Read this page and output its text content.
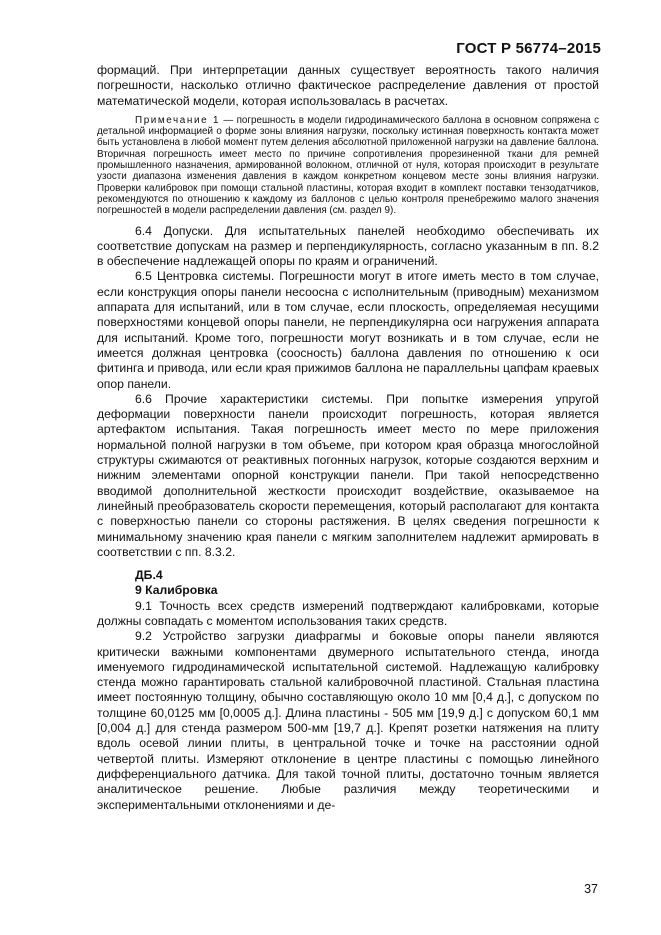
ГОСТ Р 56774–2015

формаций. При интерпретации данных существует вероятность такого наличия погрешности, насколько отлично фактическое распределение давления от простой математической модели, которая использовалась в расчетах.

Примечание 1 — погрешность в модели гидродинамического баллона в основном сопряжена с детальной информацией о форме зоны влияния нагрузки, поскольку истинная поверхность контакта может быть установлена в любой момент путем деления абсолютной приложенной нагрузки на давление баллона. Вторичная погрешность имеет место по причине сопротивления прорезиненной ткани для ремней промышленного назначения, армированной волокном, отличной от нуля, которая происходит в результате узости диапазона изменения давления в каждом конкретном концевом месте зоны влияния нагрузки. Проверки калибровок при помощи стальной пластины, которая входит в комплект поставки тензодатчиков, рекомендуются по отношению к каждому из баллонов с целью контроля пренебрежимо малого значения погрешностей в модели распределении давления (см. раздел 9).

6.4 Допуски. Для испытательных панелей необходимо обеспечивать их соответствие допускам на размер и перпендикулярность, согласно указанным в пп. 8.2 в обеспечение надлежащей опоры по краям и ограничений.

6.5 Центровка системы. Погрешности могут в итоге иметь место в том случае, если конструкция опоры панели несоосна с исполнительным (приводным) механизмом аппарата для испытаний, или в том случае, если плоскость, определяемая несущими поверхностями концевой опоры панели, не перпендикулярна оси нагружения аппарата для испытаний. Кроме того, погрешности могут возникать и в том случае, если не имеется должная центровка (соосность) баллона давления по отношению к оси фитинга и привода, или если края прижимов баллона не параллельны цапфам краевых опор панели.

6.6 Прочие характеристики системы. При попытке измерения упругой деформации поверхности панели происходит погрешность, которая является артефактом испытания. Такая погрешность имеет место по мере приложения нормальной полной нагрузки в том объеме, при котором края образца многослойной структуры сжимаются от реактивных погонных нагрузок, которые создаются верхним и нижним элементами опорной конструкции панели. При такой непосредственно вводимой дополнительной жесткости происходит воздействие, оказываемое на линейный преобразователь скорости перемещения, который располагают для контакта с поверхностью панели со стороны растяжения. В целях сведения погрешности к минимальному значению края панели с мягким заполнителем надлежит армировать в соответствии с пп. 8.3.2.

ДБ.4

9 Калибровка

9.1 Точность всех средств измерений подтверждают калибровками, которые должны совпадать с моментом использования таких средств.

9.2 Устройство загрузки диафрагмы и боковые опоры панели являются критически важными компонентами двумерного испытательного стенда, иногда именуемого гидродинамической испытательной системой. Надлежащую калибровку стенда можно гарантировать стальной калибровочной пластиной. Стальная пластина имеет постоянную толщину, обычно составляющую около 10 мм [0,4 д.], с допуском по толщине 60,0125 мм [0,0005 д.]. Длина пластины - 505 мм [19,9 д.] с допуском 60,1 мм [0,004 д.] для стенда размером 500-мм [19,7 д.]. Крепят розетки натяжения на плиту вдоль осевой линии плиты, в центральной точке и точке на расстоянии одной четвертой плиты. Измеряют отклонение в центре пластины с помощью линейного дифференциального датчика. Для такой точной плиты, достаточно точным является аналитическое решение. Любые различия между теоретическими и экспериментальными отклонениями и де-

37
